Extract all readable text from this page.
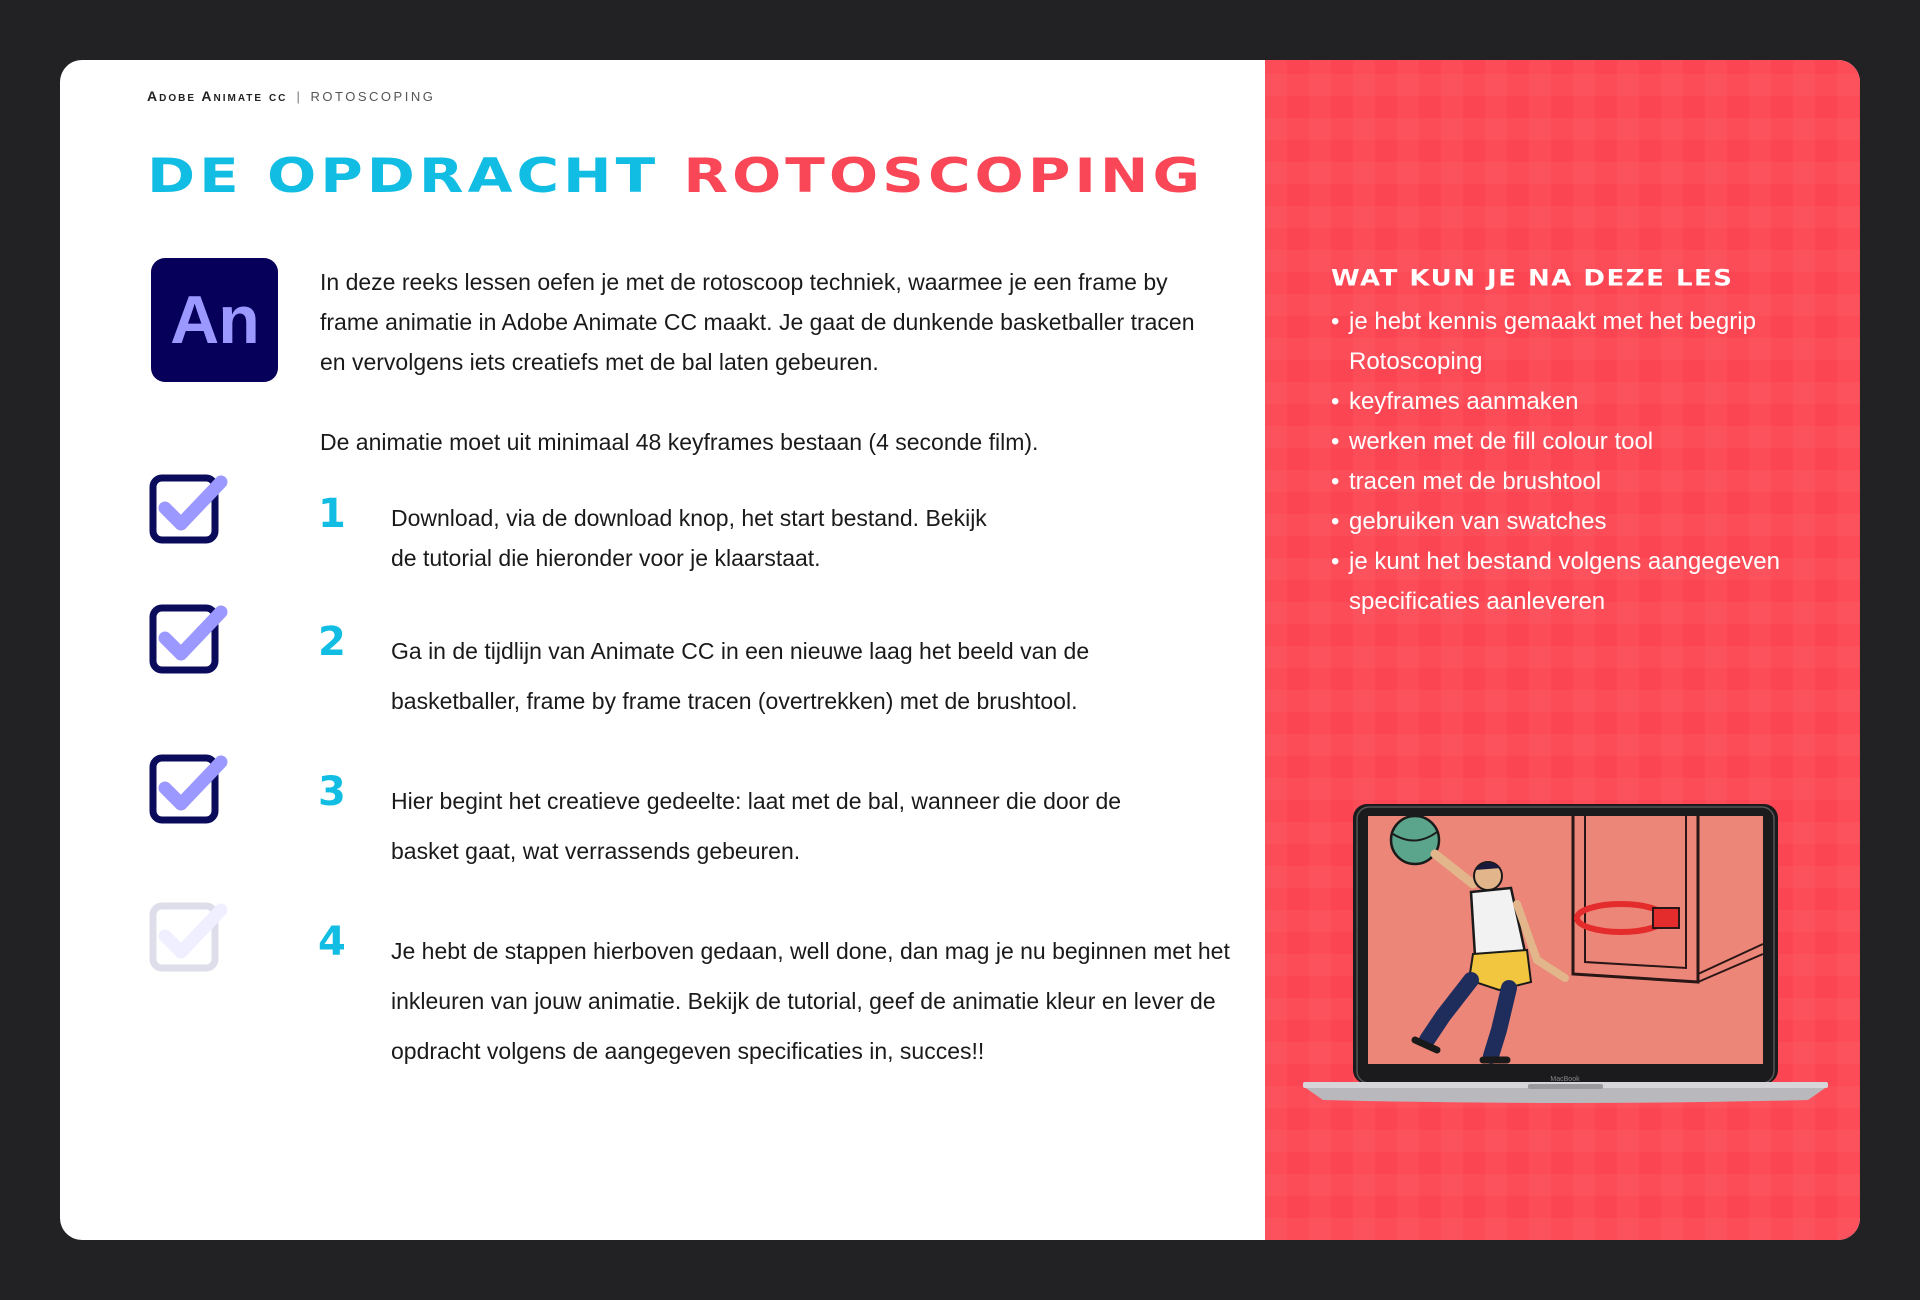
Adobe Animate cc | ROTOSCOPING
DE OPDRACHT ROTOSCOPING
An	In deze reeks lessen oefen je met de rotoscoop techniek, waarmee je een frame by frame animatie in Adobe Animate CC maakt. Je gaat de dunkende basketballer tracen en vervolgens iets creatiefs met de bal laten gebeuren.

De animatie moet uit minimaal 48 keyframes bestaan (4 seconde film).

1 Download, via de download knop, het start bestand. Bekijk de tutorial die hieronder voor je klaarstaat.

2 Ga in de tijdlijn van Animate CC in een nieuwe laag het beeld van de basketballer, frame by frame tracen (overtrekken) met de brushtool.

3 Hier begint het creatieve gedeelte: laat met de bal, wanneer die door de basket gaat, wat verrassends gebeuren.

4 Je hebt de stappen hierboven gedaan, well done, dan mag je nu beginnen met het inkleuren van jouw animatie. Bekijk de tutorial, geef de animatie kleur en lever de opdracht volgens de aangegeven specificaties in, succes!!

WAT KUN JE NA DEZE LES
• je hebt kennis gemaakt met het begrip Rotoscoping
• keyframes aanmaken
• werken met de fill colour tool
• tracen met de brushtool
• gebruiken van swatches
• je kunt het bestand volgens aangegeven specificaties aanleveren
MacBook
